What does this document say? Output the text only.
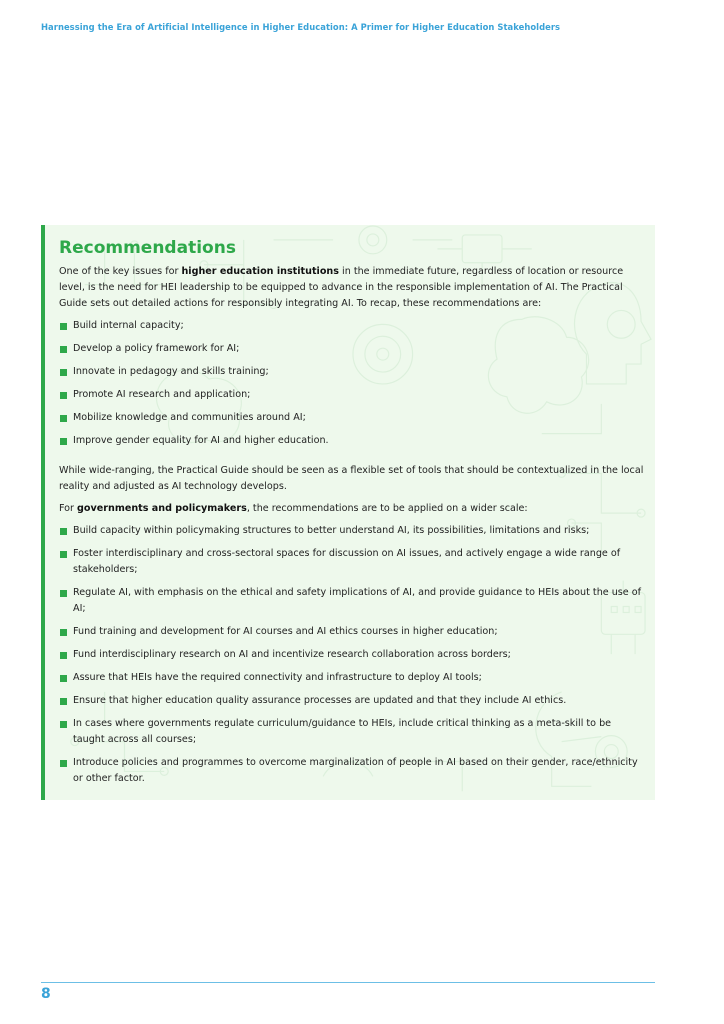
Harnessing the Era of Artificial Intelligence in Higher Education: A Primer for Higher Education Stakeholders
Recommendations

One of the key issues for higher education institutions in the immediate future, regardless of location or resource level, is the need for HEI leadership to be equipped to advance in the responsible implementation of AI. The Practical Guide sets out detailed actions for responsibly integrating AI. To recap, these recommendations are:

Build internal capacity;
Develop a policy framework for AI;
Innovate in pedagogy and skills training;
Promote AI research and application;
Mobilize knowledge and communities around AI;
Improve gender equality for AI and higher education.

While wide-ranging, the Practical Guide should be seen as a flexible set of tools that should be contextualized in the local reality and adjusted as AI technology develops.

For governments and policymakers, the recommendations are to be applied on a wider scale:

Build capacity within policymaking structures to better understand AI, its possibilities, limitations and risks;
Foster interdisciplinary and cross-sectoral spaces for discussion on AI issues, and actively engage a wide range of stakeholders;
Regulate AI, with emphasis on the ethical and safety implications of AI, and provide guidance to HEIs about the use of AI;
Fund training and development for AI courses and AI ethics courses in higher education;
Fund interdisciplinary research on AI and incentivize research collaboration across borders;
Assure that HEIs have the required connectivity and infrastructure to deploy AI tools;
Ensure that higher education quality assurance processes are updated and that they include AI ethics.
In cases where governments regulate curriculum/guidance to HEIs, include critical thinking as a meta-skill to be taught across all courses;
Introduce policies and programmes to overcome marginalization of people in AI based on their gender, race/ethnicity or other factor.
8
